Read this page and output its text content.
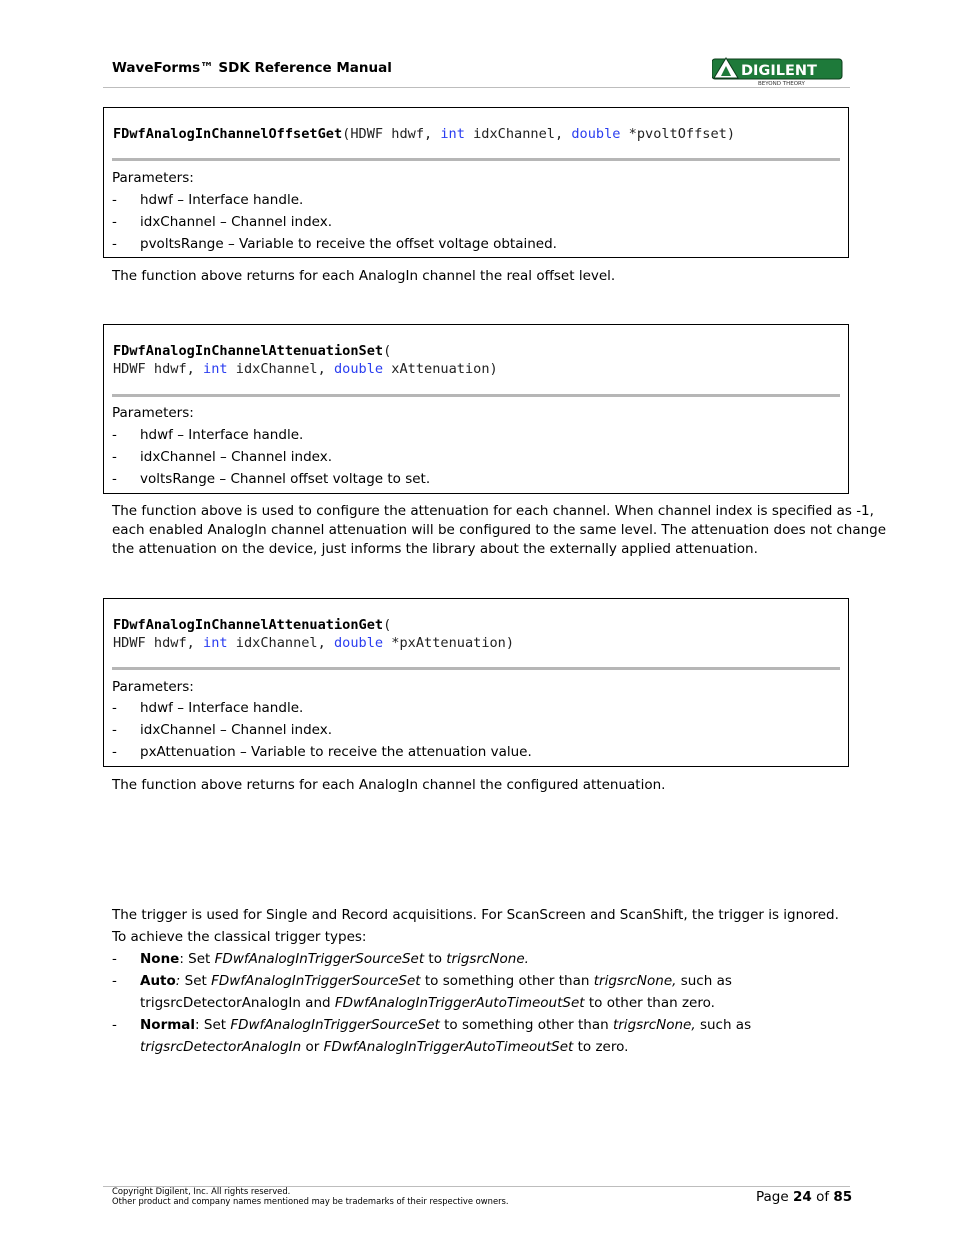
WaveForms™ SDK Reference Manual	DIGILENT
BEYOND THEORY
FDwfAnalogInChannelOffsetGet(HDWF hdwf, int idxChannel, double *pvoltOffset)
Parameters:
- hdwf – Interface handle.
- idxChannel – Channel index.
- pvoltsRange – Variable to receive the offset voltage obtained.
The function above returns for each AnalogIn channel the real offset level.
FDwfAnalogInChannelAttenuationSet(
HDWF hdwf, int idxChannel, double xAttenuation)
Parameters:
- hdwf – Interface handle.
- idxChannel – Channel index.
- voltsRange – Channel offset voltage to set.
The function above is used to configure the attenuation for each channel. When channel index is specified as -1,
each enabled AnalogIn channel attenuation will be configured to the same level. The attenuation does not change
the attenuation on the device, just informs the library about the externally applied attenuation.
FDwfAnalogInChannelAttenuationGet(
HDWF hdwf, int idxChannel, double *pxAttenuation)
Parameters:
- hdwf – Interface handle.
- idxChannel – Channel index.
- pxAttenuation – Variable to receive the attenuation value.
The function above returns for each AnalogIn channel the configured attenuation.
The trigger is used for Single and Record acquisitions. For ScanScreen and ScanShift, the trigger is ignored.
To achieve the classical trigger types:
- None: Set FDwfAnalogInTriggerSourceSet to trigsrcNone.
- Auto: Set FDwfAnalogInTriggerSourceSet to something other than trigsrcNone, such as
trigsrcDetectorAnalogIn and FDwfAnalogInTriggerAutoTimeoutSet to other than zero.
- Normal: Set FDwfAnalogInTriggerSourceSet to something other than trigsrcNone, such as
trigsrcDetectorAnalogIn or FDwfAnalogInTriggerAutoTimeoutSet to zero.
Copyright Digilent, Inc. All rights reserved.
Other product and company names mentioned may be trademarks of their respective owners.	Page 24 of 85
